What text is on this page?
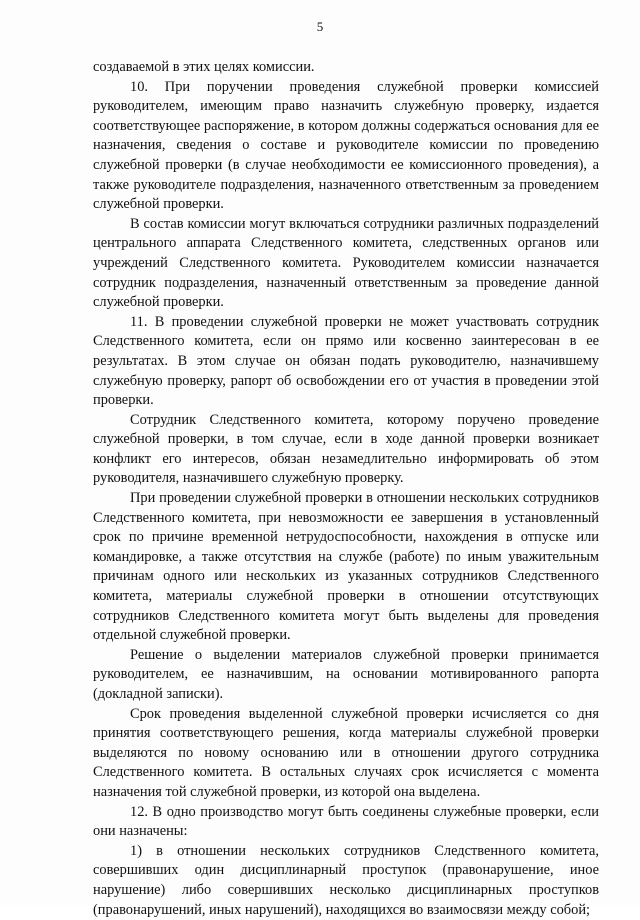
5

создаваемой в этих целях комиссии.

10. При поручении проведения служебной проверки комиссией руководителем, имеющим право назначить служебную проверку, издается соответствующее распоряжение, в котором должны содержаться основания для ее назначения, сведения о составе и руководителе комиссии по проведению служебной проверки (в случае необходимости ее комиссионного проведения), а также руководителе подразделения, назначенного ответственным за проведением служебной проверки.

В состав комиссии могут включаться сотрудники различных подразделений центрального аппарата Следственного комитета, следственных органов или учреждений Следственного комитета. Руководителем комиссии назначается сотрудник подразделения, назначенный ответственным за проведение данной служебной проверки.

11. В проведении служебной проверки не может участвовать сотрудник Следственного комитета, если он прямо или косвенно заинтересован в ее результатах. В этом случае он обязан подать руководителю, назначившему служебную проверку, рапорт об освобождении его от участия в проведении этой проверки.

Сотрудник Следственного комитета, которому поручено проведение служебной проверки, в том случае, если в ходе данной проверки возникает конфликт его интересов, обязан незамедлительно информировать об этом руководителя, назначившего служебную проверку.

При проведении служебной проверки в отношении нескольких сотрудников Следственного комитета, при невозможности ее завершения в установленный срок по причине временной нетрудоспособности, нахождения в отпуске или командировке, а также отсутствия на службе (работе) по иным уважительным причинам одного или нескольких из указанных сотрудников Следственного комитета, материалы служебной проверки в отношении отсутствующих сотрудников Следственного комитета могут быть выделены для проведения отдельной служебной проверки.

Решение о выделении материалов служебной проверки принимается руководителем, ее назначившим, на основании мотивированного рапорта (докладной записки).

Срок проведения выделенной служебной проверки исчисляется со дня принятия соответствующего решения, когда материалы служебной проверки выделяются по новому основанию или в отношении другого сотрудника Следственного комитета. В остальных случаях срок исчисляется с момента назначения той служебной проверки, из которой она выделена.

12. В одно производство могут быть соединены служебные проверки, если они назначены:

1) в отношении нескольких сотрудников Следственного комитета, совершивших один дисциплинарный проступок (правонарушение, иное нарушение) либо совершивших несколько дисциплинарных проступков (правонарушений, иных нарушений), находящихся во взаимосвязи между собой;
